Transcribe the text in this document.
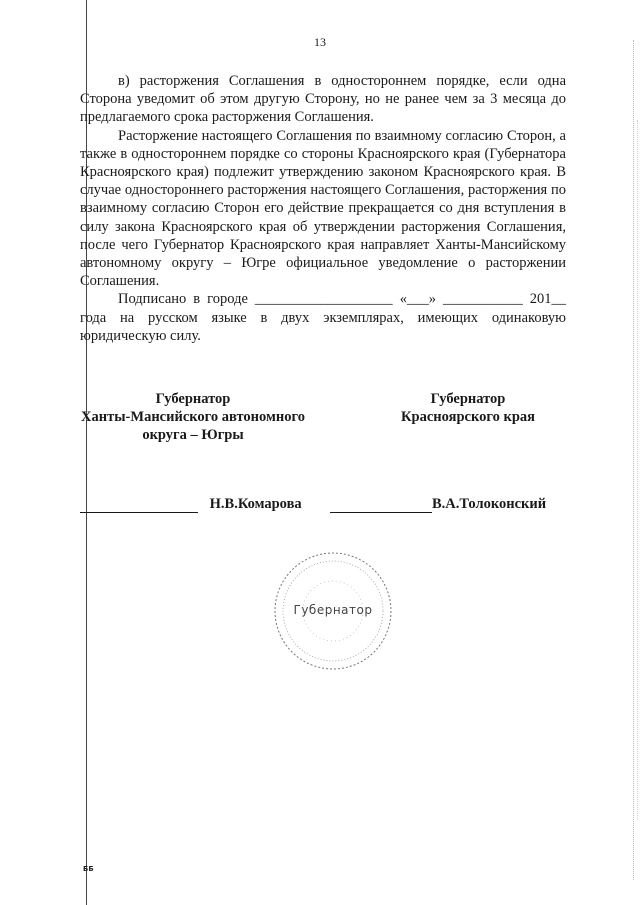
13

в) расторжения Соглашения в одностороннем порядке, если одна Сторона уведомит об этом другую Сторону, но не ранее чем за 3 месяца до предлагаемого срока расторжения Соглашения.

Расторжение настоящего Соглашения по взаимному согласию Сторон, а также в одностороннем порядке со стороны Красноярского края (Губернатора Красноярского края) подлежит утверждению законом Красноярского края. В случае одностороннего расторжения настоящего Соглашения, расторжения по взаимному согласию Сторон его действие прекращается со дня вступления в силу закона Красноярского края об утверждении расторжения Соглашения, после чего Губернатор Красноярского края направляет Ханты-Мансийскому автономному округу – Югре официальное уведомление о расторжении Соглашения.

Подписано в городе ___________________ «___» ___________ 201__ года на русском языке в двух экземплярах, имеющих одинаковую юридическую силу.

Губернатор
Ханты-Мансийского автономного
округа – Югры
Губернатор
Красноярского края
Н.В.Комарова	В.А.Толоконский
Губернатор
ББ
